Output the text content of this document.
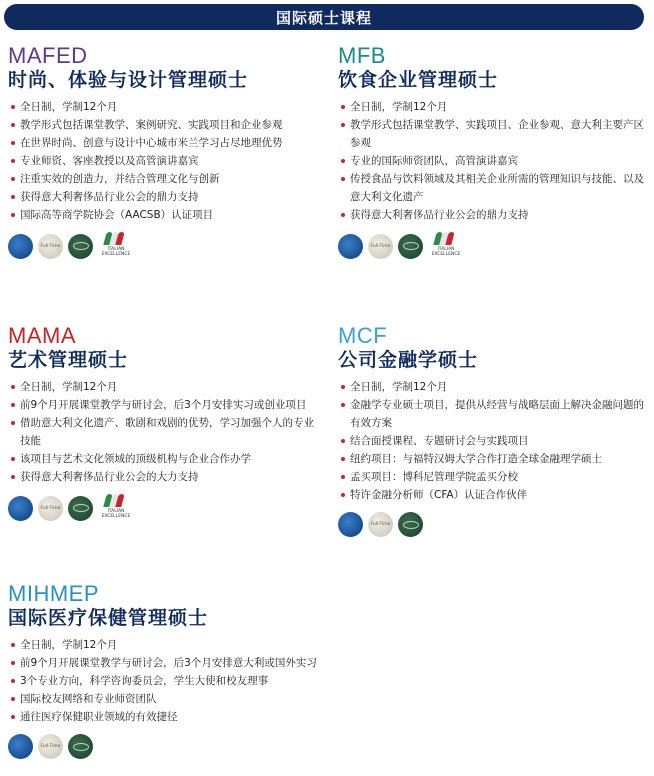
国际硕士课程
MAFED
时尚、体验与设计管理硕士
全日制，学制12个月
教学形式包括课堂教学、案例研究、实践项目和企业参观
在世界时尚、创意与设计中心城市米兰学习占尽地理优势
专业师资、客座教授以及高管演讲嘉宾
注重实效的创造力，并结合管理文化与创新
获得意大利奢侈品行业公会的鼎力支持
国际高等商学院协会（AACSB）认证项目
Full-Time
ITALIAN EXCELLENCE
MFB
饮食企业管理硕士
全日制，学制12个月
教学形式包括课堂教学、实践项目、企业参观、意大利主要产区参观
专业的国际师资团队，高管演讲嘉宾
传授食品与饮料领域及其相关企业所需的管理知识与技能、以及意大利文化遗产
获得意大利奢侈品行业公会的鼎力支持
Full-Time
ITALIAN EXCELLENCE
MAMA
艺术管理硕士
全日制，学制12个月
前9个月开展课堂教学与研讨会，后3个月安排实习或创业项目
借助意大利文化遗产、歌剧和戏剧的优势，学习加强个人的专业技能
该项目与艺术文化领域的顶级机构与企业合作办学
获得意大利奢侈品行业公会的大力支持
Full-Time
ITALIAN EXCELLENCE
MCF
公司金融学硕士
全日制，学制12个月
金融学专业硕士项目，提供从经营与战略层面上解决金融问题的有效方案
结合面授课程、专题研讨会与实践项目
纽约项目：与福特汉姆大学合作打造全球金融理学硕士
孟买项目：博科尼管理学院孟买分校
特许金融分析师（CFA）认证合作伙伴
Full-Time
MIHMEP
国际医疗保健管理硕士
全日制，学制12个月
前9个月开展课堂教学与研讨会，后3个月安排意大利或国外实习
3个专业方向，科学咨询委员会，学生大使和校友理事
国际校友网络和专业师资团队
通往医疗保健职业领域的有效捷径
Full-Time
